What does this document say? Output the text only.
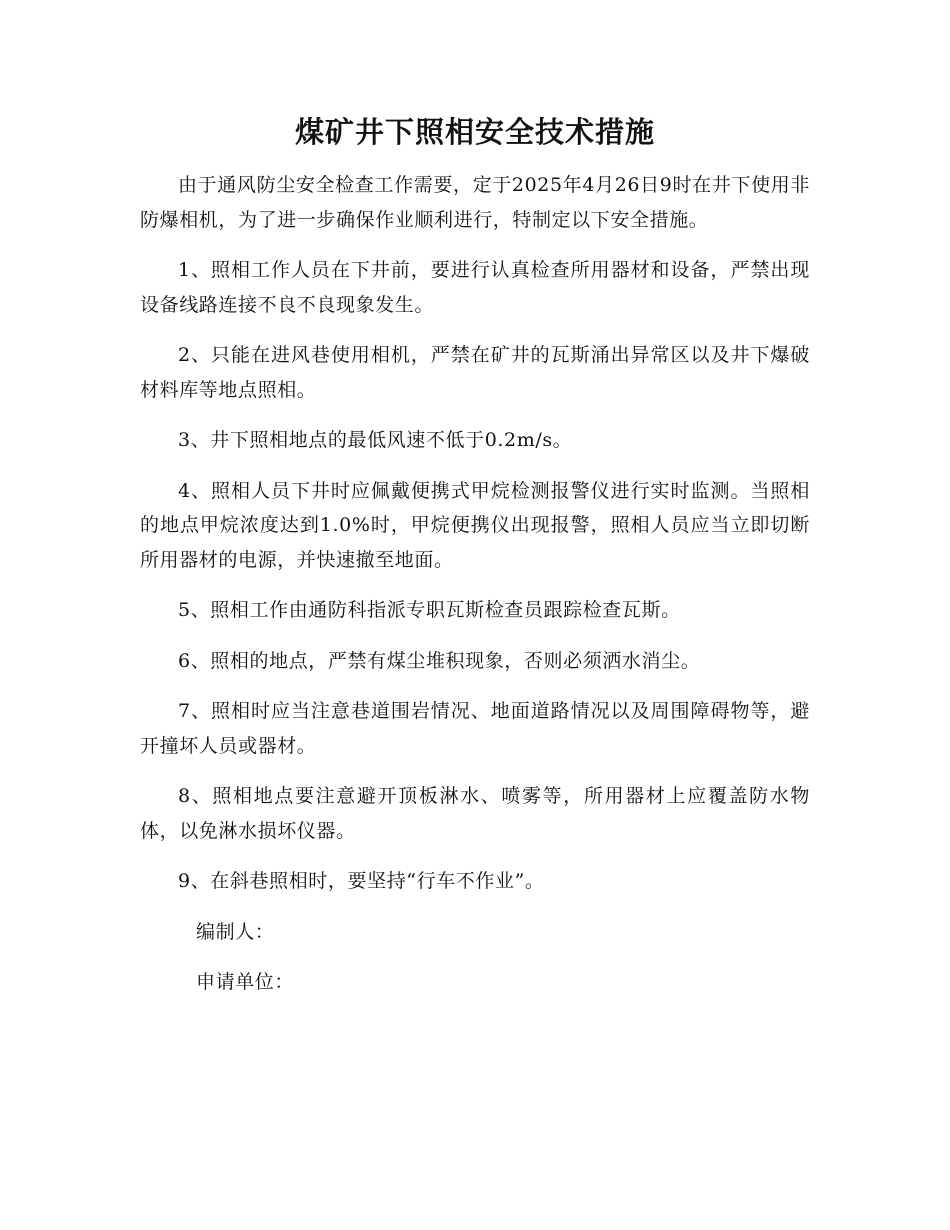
煤矿井下照相安全技术措施

由于通风防尘安全检查工作需要，定于2025年4月26日9时在井下使用非防爆相机，为了进一步确保作业顺利进行，特制定以下安全措施。

1、照相工作人员在下井前，要进行认真检查所用器材和设备，严禁出现设备线路连接不良不良现象发生。

2、只能在进风巷使用相机，严禁在矿井的瓦斯涌出异常区以及井下爆破材料库等地点照相。

3、井下照相地点的最低风速不低于0.2m/s。

4、照相人员下井时应佩戴便携式甲烷检测报警仪进行实时监测。当照相的地点甲烷浓度达到1.0%时，甲烷便携仪出现报警，照相人员应当立即切断所用器材的电源，并快速撤至地面。

5、照相工作由通防科指派专职瓦斯检查员跟踪检查瓦斯。

6、照相的地点，严禁有煤尘堆积现象，否则必须洒水消尘。

7、照相时应当注意巷道围岩情况、地面道路情况以及周围障碍物等，避开撞坏人员或器材。

8、照相地点要注意避开顶板淋水、喷雾等，所用器材上应覆盖防水物体，以免淋水损坏仪器。

9、在斜巷照相时，要坚持“行车不作业”。

编制人：
申请单位：
